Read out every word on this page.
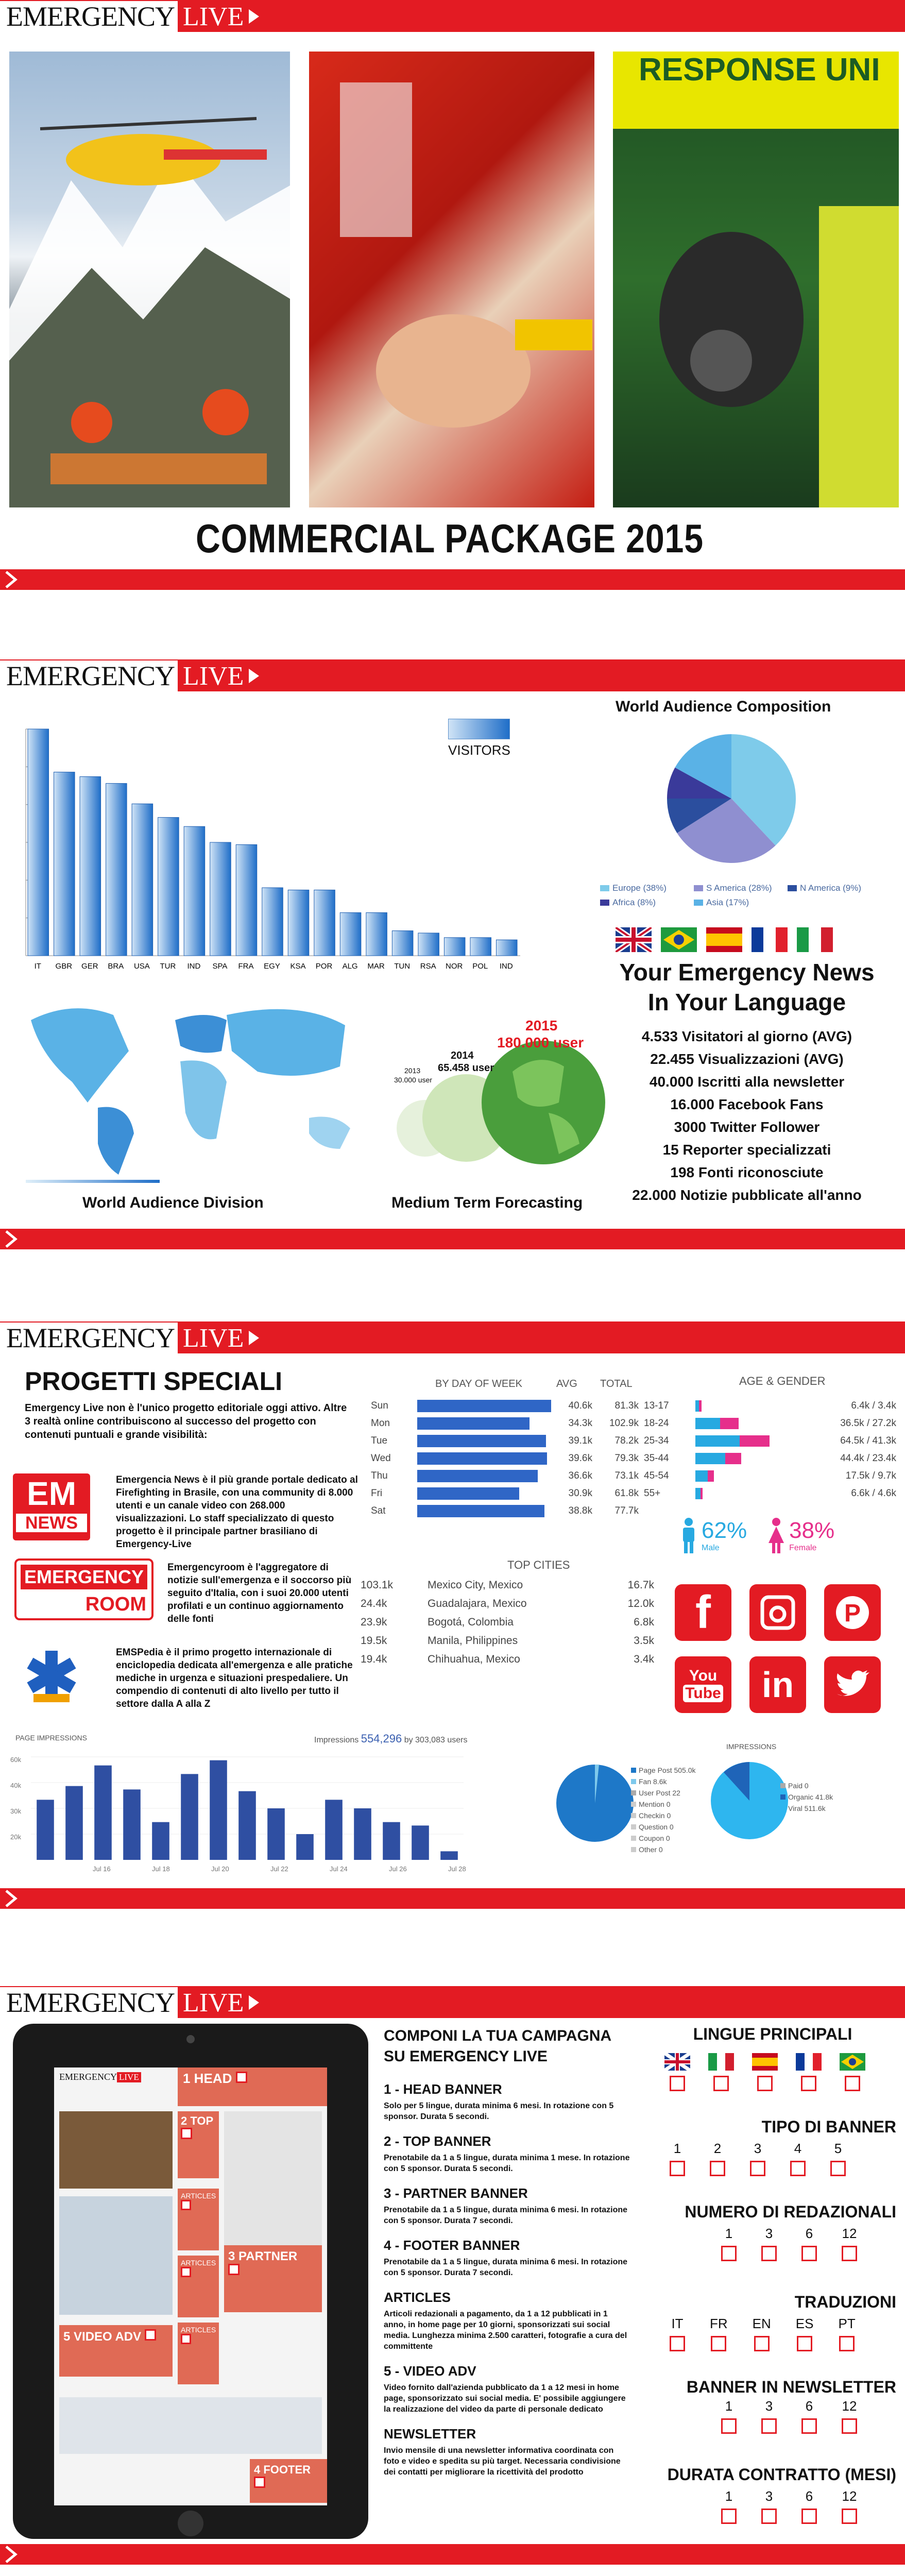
EMERGENCY LIVE
RESPONSE UNI
COMMERCIAL PACKAGE 2015
EMERGENCY LIVE
IT GBR GER BRA USA TUR IND SPA FRA EGY KSA POR ALG MAR TUN RSA NOR POL IND
VISITORS
World Audience Composition
Europe (38%)	S America (28%)	N America (9%)
Africa (8%)	Asia (17%)
Your Emergency News
In Your Language
4.533 Visitatori al giorno (AVG)
22.455 Visualizzazioni (AVG)
40.000 Iscritti alla newsletter
16.000 Facebook Fans
3000 Twitter Follower
15 Reporter specializzati
198 Fonti riconosciute
22.000 Notizie pubblicate all'anno
World Audience Division
2013
30.000 user
2014
65.458 user
2015
180.000 user
Medium Term Forecasting
EMERGENCY LIVE
PROGETTI SPECIALI
Emergency Live non è l'unico progetto editoriale oggi attivo. Altre 3 realtà online contribuiscono al successo del progetto con contenuti puntuali e grande visibilità:
EM
NEWS
Emergencia News è il più grande portale dedicato al Firefighting in Brasile, con una community di 8.000 utenti e un canale video con 268.000 visualizzazioni. Lo staff specializzato di questo progetto è il principale partner brasiliano di Emergency-Live
EMERGENCY
ROOM
Emergencyroom è l'aggregatore di notizie sull'emergenza e il soccorso più seguito d'Italia, con i suoi 20.000 utenti profilati e un continuo aggiornamento delle fonti
EMSPedia è il primo progetto internazionale di enciclopedia dedicata all'emergenza e alle pratiche mediche in urgenza e situazioni prespedaliere. Un compendio di contenuti di alto livello per tutto il settore dalla A alla Z
BY DAY OF WEEK	AVG TOTAL
Sun	40.6k	81.3k
Mon	34.3k	102.9k
Tue	39.1k	78.2k
Wed	39.6k	79.3k
Thu	36.6k	73.1k
Fri	30.9k	61.8k
Sat	38.8k	77.7k
AGE & GENDER
13-17	6.4k / 3.4k
18-24	36.5k / 27.2k
25-34	64.5k / 41.3k
35-44	44.4k / 23.4k
45-54	17.5k / 9.7k
55+	6.6k / 4.6k
62%
Male
38%
Female
TOP CITIES
103.1k	Mexico City, Mexico	16.7k
24.4k	Guadalajara, Mexico	12.0k
23.9k	Bogotá, Colombia	6.8k
19.5k	Manila, Philippines	3.5k
19.4k	Chihuahua, Mexico	3.4k
f	P
You
Tube	in
PAGE IMPRESSIONS	Impressions 554,296 by 303,083 users
60k
40k
30k
20k
Jul 16	Jul 18	Jul 20	Jul 22	Jul 24	Jul 26	Jul 28
IMPRESSIONS
Page Post 505.0k
Fan 8.6k
User Post 22
Mention 0
Checkin 0
Question 0
Coupon 0
Other 0
Paid 0
Organic 41.8k
Viral 511.6k
EMERGENCY LIVE
EMERGENCY LIVE	1 HEAD
2 TOP
ARTICLES
3 PARTNER
ARTICLES
5 VIDEO ADV	ARTICLES
4 FOOTER
COMPONI LA TUA CAMPAGNA
SU EMERGENCY LIVE
1 - HEAD BANNER
Solo per 5 lingue, durata minima 6 mesi. In rotazione con 5 sponsor. Durata 5 secondi.
2 - TOP BANNER
Prenotabile da 1 a 5 lingue, durata minima 1 mese. In rotazione con 5 sponsor. Durata 5 secondi.
3 - PARTNER BANNER
Prenotabile da 1 a 5 lingue, durata minima 6 mesi. In rotazione con 5 sponsor. Durata 7 secondi.
4 - FOOTER BANNER
Prenotabile da 1 a 5 lingue, durata minima 6 mesi. In rotazione con 5 sponsor. Durata 7 secondi.
ARTICLES
Articoli redazionali a pagamento, da 1 a 12 pubblicati in 1 anno, in home page per 10 giorni, sponsorizzati sui social media. Lunghezza minima 2.500 caratteri, fotografie a cura del committente
5 - VIDEO ADV
Video fornito dall'azienda pubblicato da 1 a 12 mesi in home page, sponsorizzato sui social media. E' possibile aggiungere la realizzazione del video da parte di personale dedicato
NEWSLETTER
Invio mensile di una newsletter informativa coordinata con foto e video e spedita su più target. Necessaria condivisione dei contatti per migliorare la ricettività del prodotto
LINGUE PRINCIPALI
TIPO DI BANNER
1 2 3 4 5
NUMERO DI REDAZIONALI
1 3 6 12
TRADUZIONI
IT FR EN ES PT
BANNER IN NEWSLETTER
1 3 6 12
DURATA CONTRATTO (MESI)
1 3 6 12
